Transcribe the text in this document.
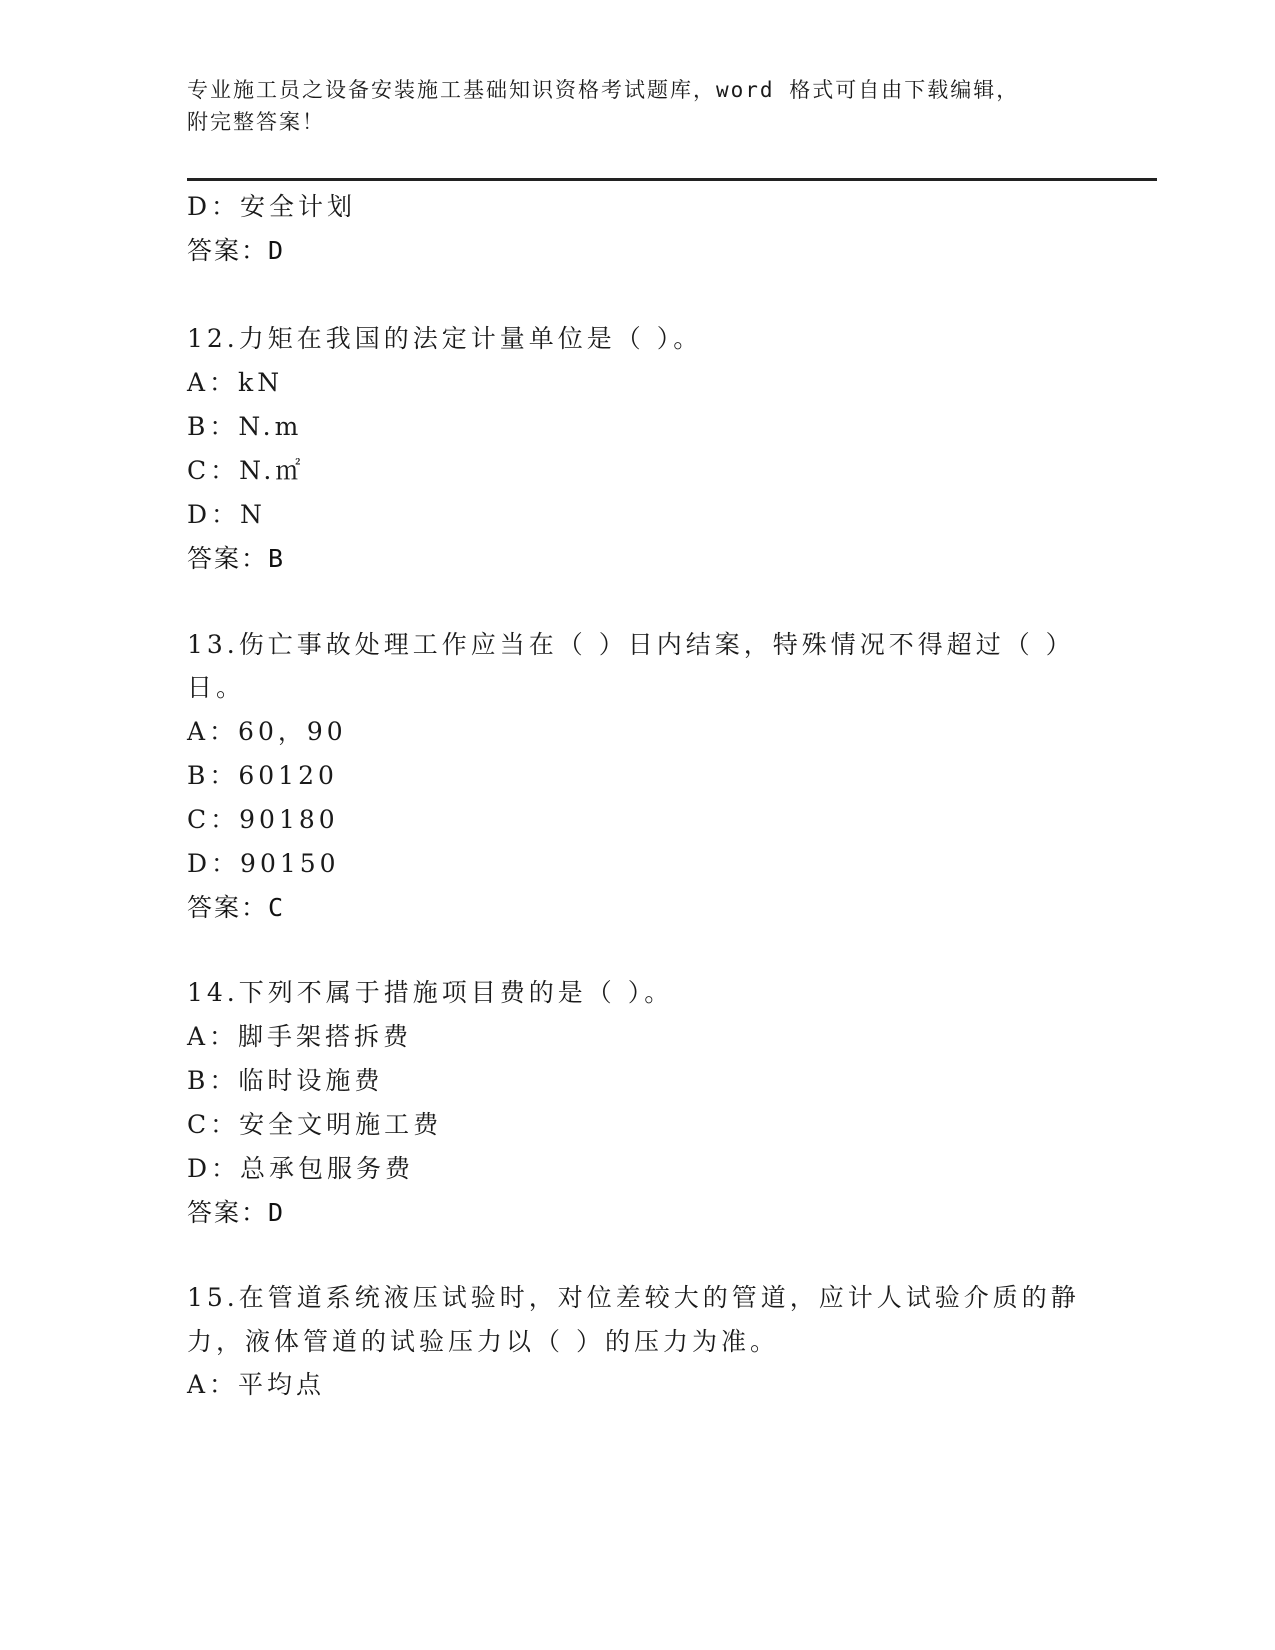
专业施工员之设备安装施工基础知识资格考试题库，word 格式可自由下载编辑，
附完整答案！
D：安全计划
答案：D
12.力矩在我国的法定计量单位是（ ）。
A：kN
B：N.m
C：N.㎡
D：N
答案：B
13.伤亡事故处理工作应当在（ ）日内结案，特殊情况不得超过（ ）
日。
A：60，90
B：60120
C：90180
D：90150
答案：C
14.下列不属于措施项目费的是（ ）。
A：脚手架搭拆费
B：临时设施费
C：安全文明施工费
D：总承包服务费
答案：D
15.在管道系统液压试验时，对位差较大的管道，应计人试验介质的静
力，液体管道的试验压力以（ ）的压力为准。
A：平均点
